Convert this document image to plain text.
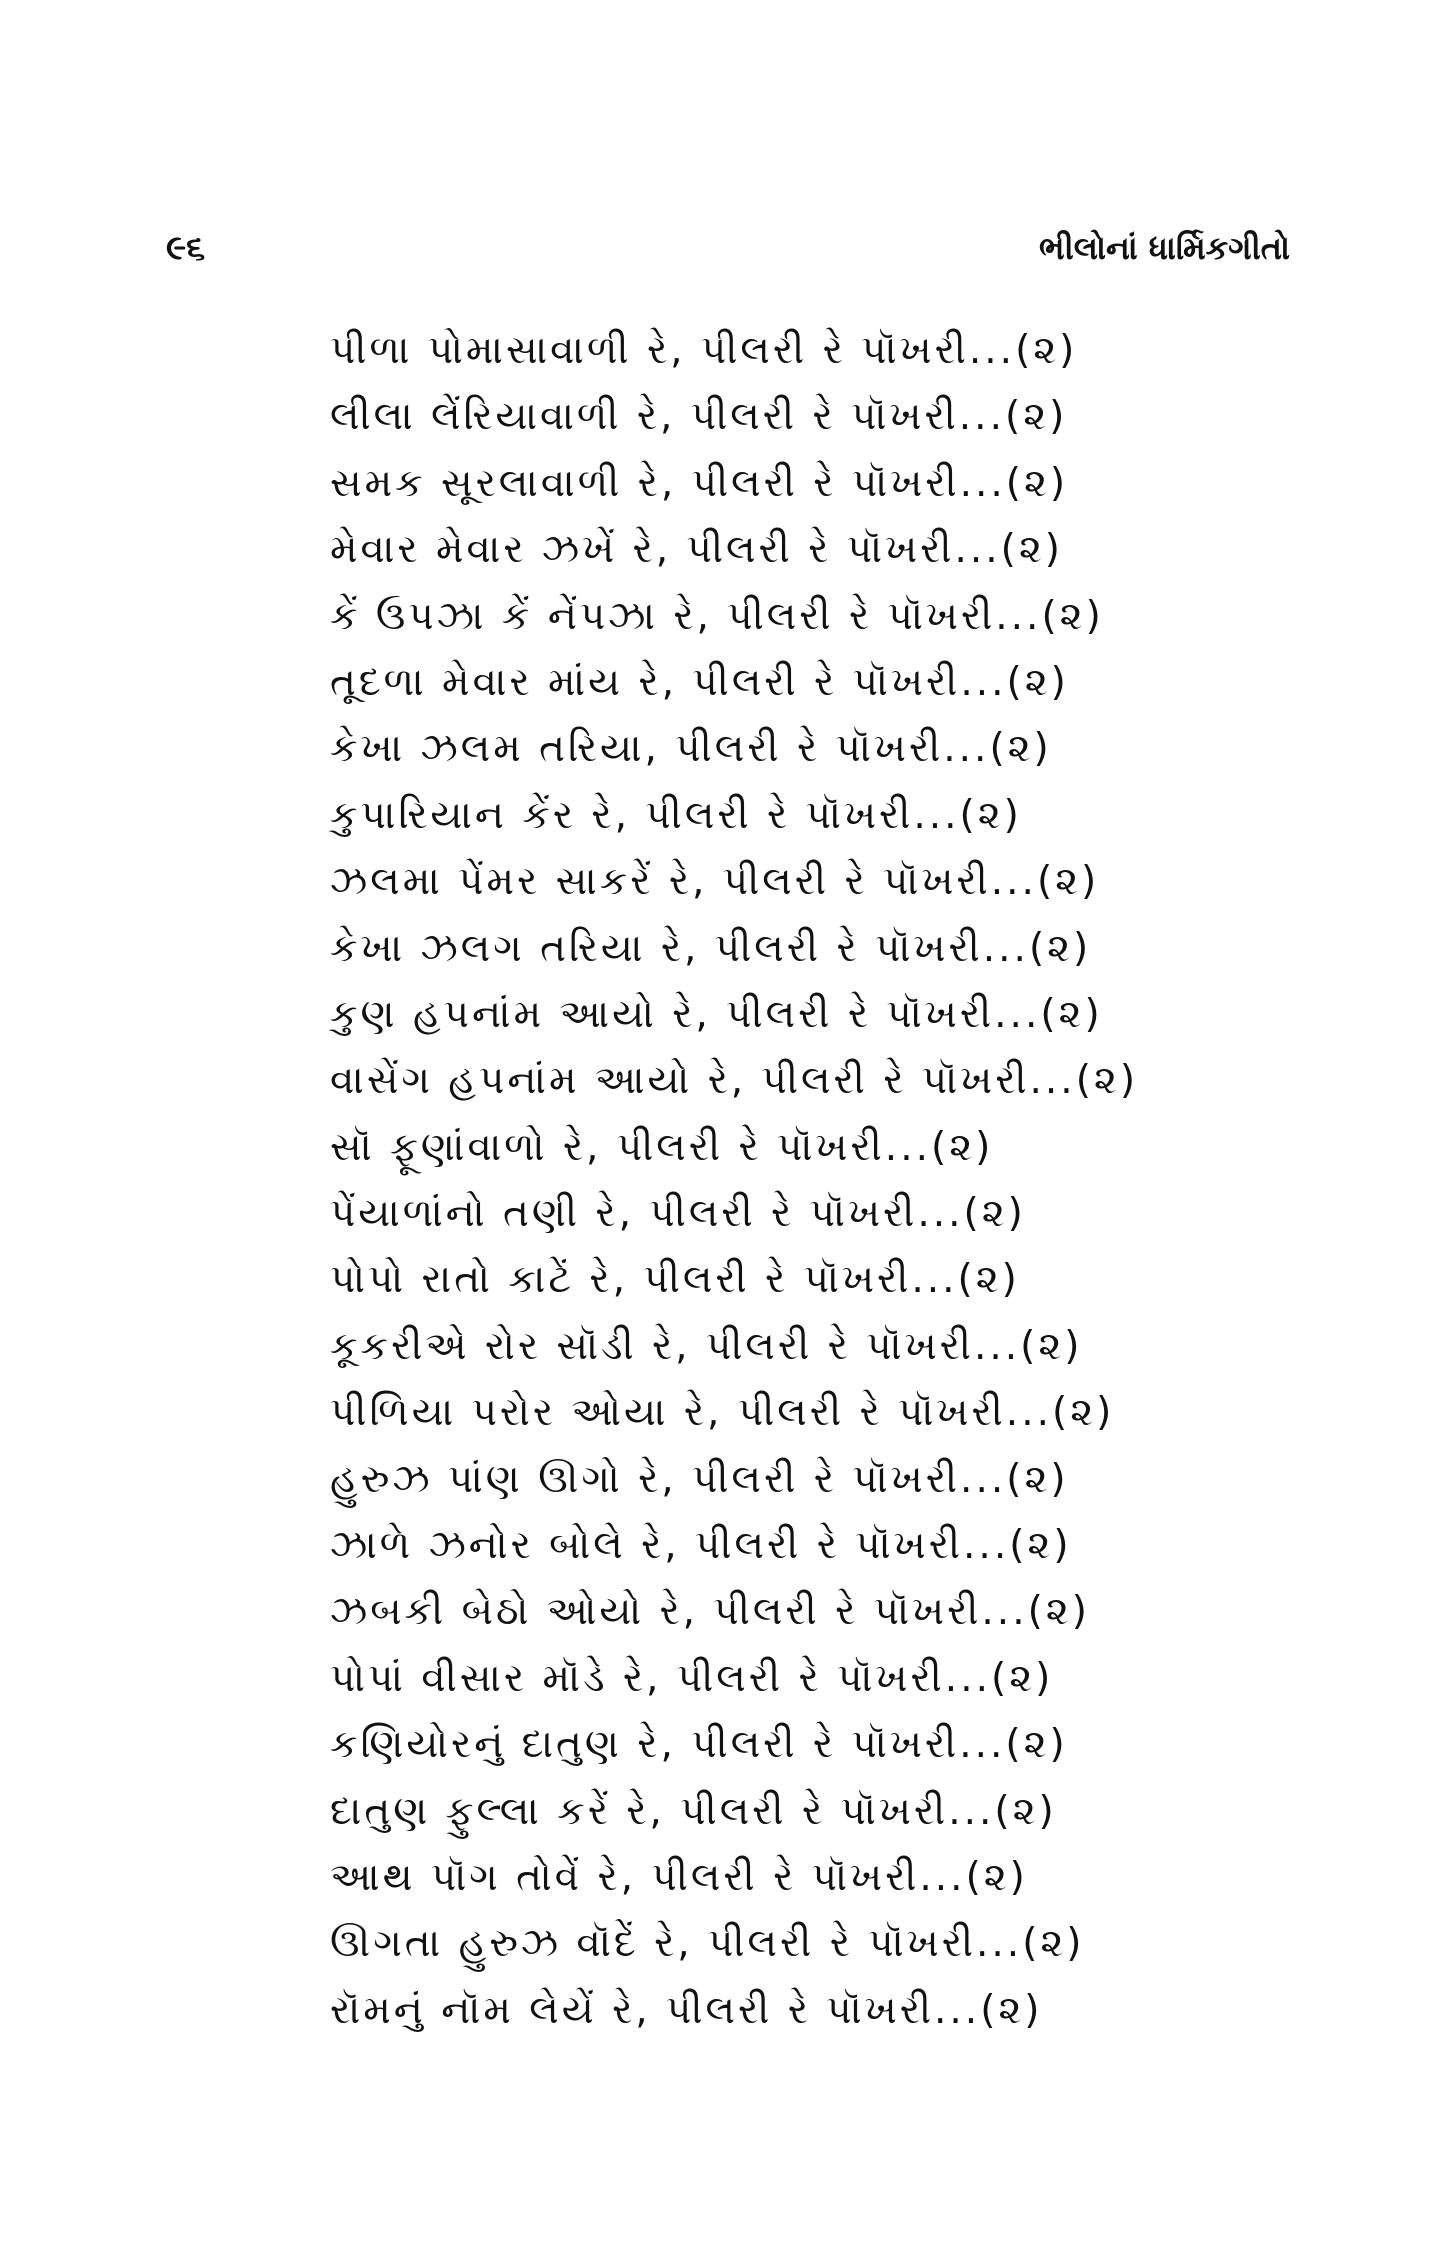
૯૬	ભીલોનાં ધાર્મિકગીતો
પીળા પોમાસાવાળી રે, પીલરી રે પૉખરી...(૨)
લીલા લેંરિયાવાળી રે, પીલરી રે પૉખરી...(૨)
સમક સૂરલાવાળી રે, પીલરી રે પૉખરી...(૨)
મેવાર મેવાર ઝખેં રે, પીલરી રે પૉખરી...(૨)
કેં ઉપઝા કેં નેંપઝા રે, પીલરી રે પૉખરી...(૨)
તૂદળા મેવાર માંય રે, પીલરી રે પૉખરી...(૨)
કેખા ઝલમ તરિયા, પીલરી રે પૉખરી...(૨)
કુપારિયાન કેંર રે, પીલરી રે પૉખરી...(૨)
ઝલમા પેંમર સાકરેં રે, પીલરી રે પૉખરી...(૨)
કેખા ઝલગ તરિયા રે, પીલરી રે પૉખરી...(૨)
કુણ હપનાંમ આયો રે, પીલરી રે પૉખરી...(૨)
વાસેંગ હપનાંમ આયો રે, પીલરી રે પૉખરી...(૨)
સૉ ફૂણાંવાળો રે, પીલરી રે પૉખરી...(૨)
પેંયાળાંનો તણી રે, પીલરી રે પૉખરી...(૨)
પોપો રાતો કાટેં રે, પીલરી રે પૉખરી...(૨)
કૂકરીએ રોર સૉડી રે, પીલરી રે પૉખરી...(૨)
પીળિયા પરોર ઓયા રે, પીલરી રે પૉખરી...(૨)
હુરુઝ પાંણ ઊગો રે, પીલરી રે પૉખરી...(૨)
ઝાળે ઝનોર બોલે રે, પીલરી રે પૉખરી...(૨)
ઝબકી બેઠો ઓયો રે, પીલરી રે પૉખરી...(૨)
પોપાં વીસાર મૉડે રે, પીલરી રે પૉખરી...(૨)
કણિયોરનું દાતુણ રે, પીલરી રે પૉખરી...(૨)
દાતુણ ફુલ્લા કરેં રે, પીલરી રે પૉખરી...(૨)
આથ પૉગ તોવેં રે, પીલરી રે પૉખરી...(૨)
ઊગતા હુરુઝ વૉદેં રે, પીલરી રે પૉખરી...(૨)
રૉમનું નૉમ લેયેં રે, પીલરી રે પૉખરી...(૨)
